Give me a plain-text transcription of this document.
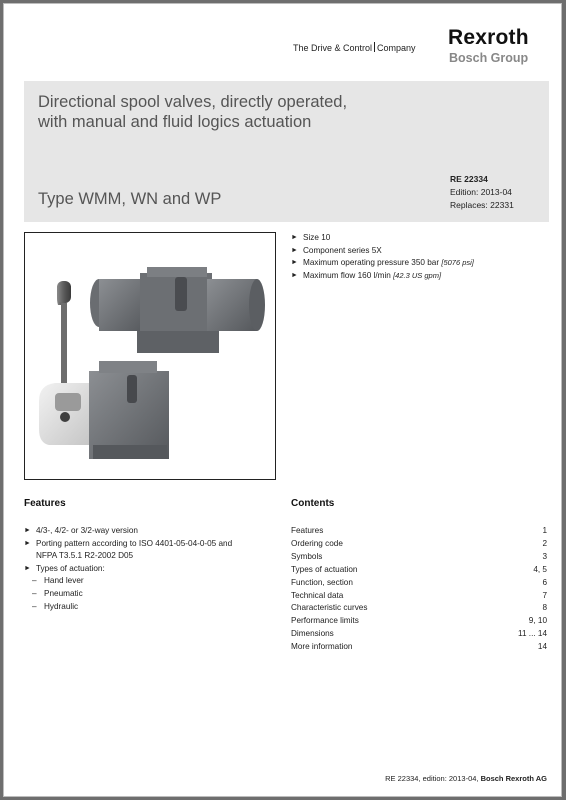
The Drive & Control Company Rexroth
Bosch Group
Directional spool valves, directly operated,
with manual and fluid logics actuation
Type WMM, WN and WP
RE 22334
Edition: 2013-04
Replaces: 22331
► Size 10
► Component series 5X
► Maximum operating pressure 350 bar [5076 psi]
► Maximum flow 160 l/min [42.3 US gpm]
Features
► 4/3-, 4/2- or 3/2-way version
► Porting pattern according to ISO 4401-05-04-0-05 and
NFPA T3.5.1 R2-2002 D05
► Types of actuation:
– Hand lever
– Pneumatic
– Hydraulic
Contents
Features	1
Ordering code	2
Symbols	3
Types of actuation	4, 5
Function, section	6
Technical data	7
Characteristic curves	8
Performance limits	9, 10
Dimensions	11 ... 14
More information	14
RE 22334, edition: 2013-04, Bosch Rexroth AG
